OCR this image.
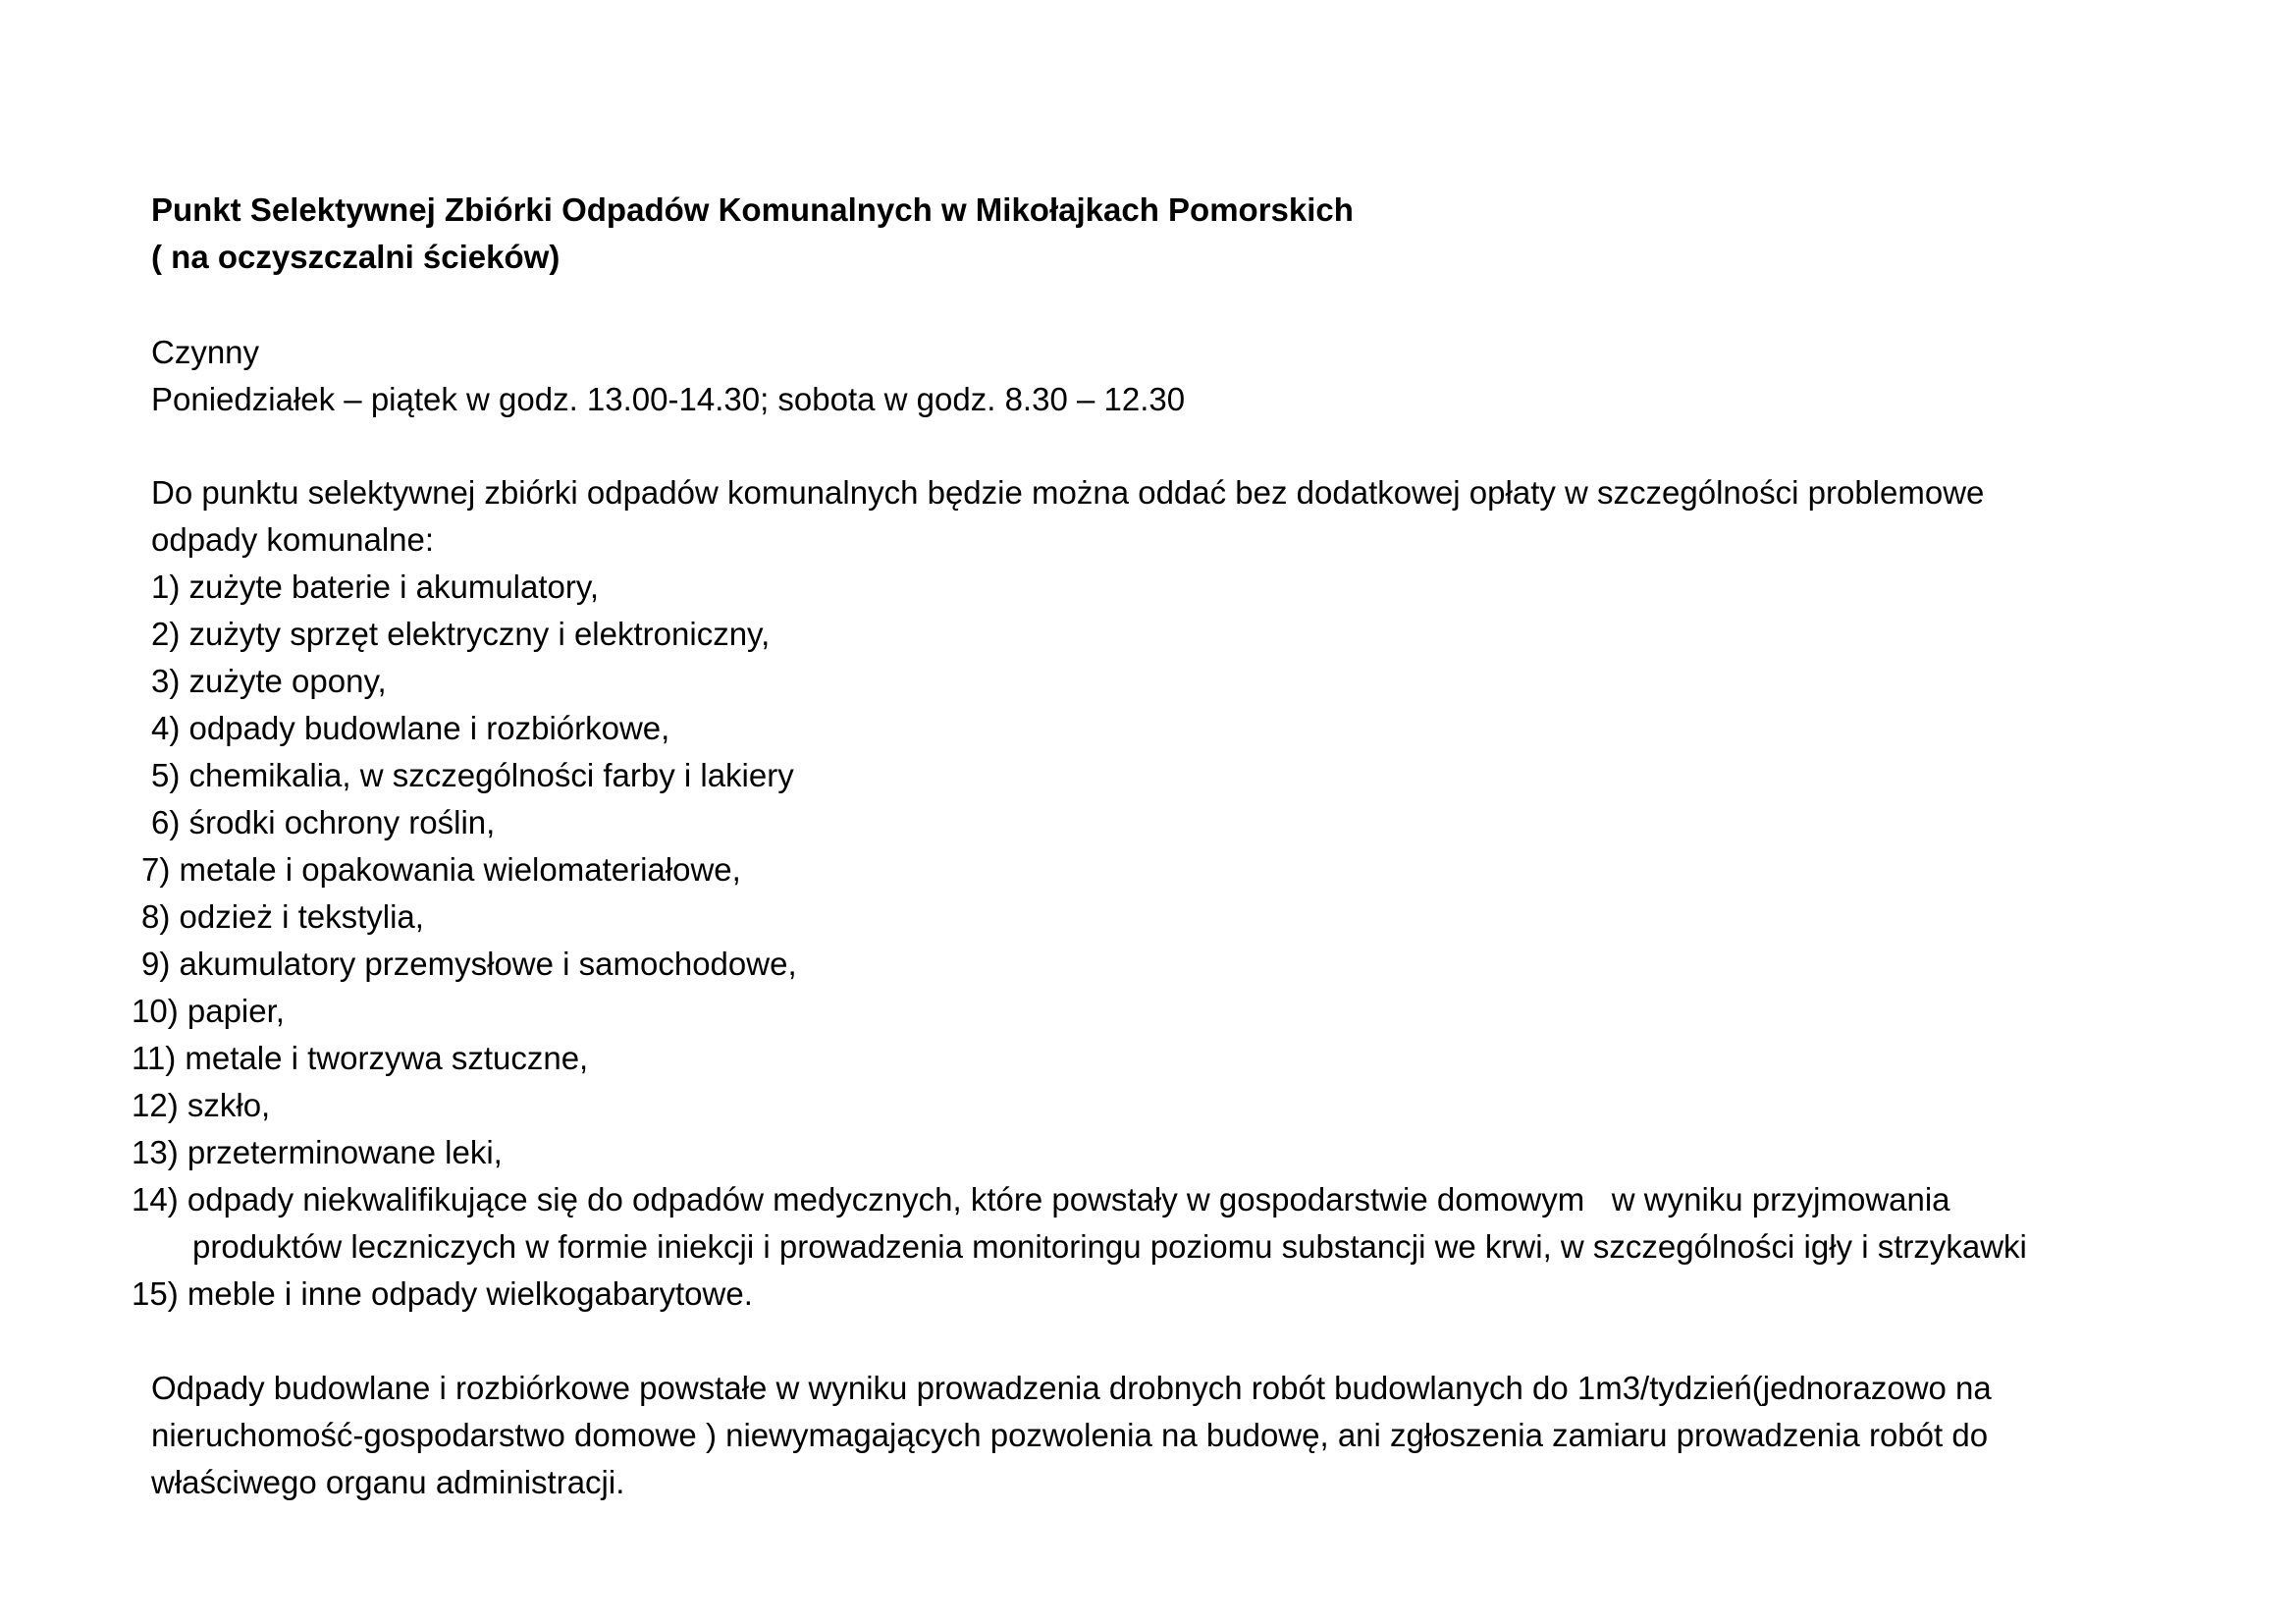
Punkt Selektywnej Zbiórki Odpadów Komunalnych w Mikołajkach Pomorskich
( na oczyszczalni ścieków)
Czynny
Poniedziałek – piątek w godz. 13.00-14.30; sobota w godz. 8.30 – 12.30
Do punktu selektywnej zbiórki odpadów komunalnych będzie można oddać bez dodatkowej opłaty w szczególności problemowe
odpady komunalne:
1) zużyte baterie i akumulatory,
2) zużyty sprzęt elektryczny i elektroniczny,
3) zużyte opony,
4) odpady budowlane i rozbiórkowe,
5) chemikalia, w szczególności farby i lakiery
6) środki ochrony roślin,
7) metale i opakowania wielomateriałowe,
8) odzież i tekstylia,
9) akumulatory przemysłowe i samochodowe,
10) papier,
11) metale i tworzywa sztuczne,
12) szkło,
13) przeterminowane leki,
14) odpady niekwalifikujące się do odpadów medycznych, które powstały w gospodarstwie domowym   w wyniku przyjmowania
produktów leczniczych w formie iniekcji i prowadzenia monitoringu poziomu substancji we krwi, w szczególności igły i strzykawki
15) meble i inne odpady wielkogabarytowe.
Odpady budowlane i rozbiórkowe powstałe w wyniku prowadzenia drobnych robót budowlanych do 1m3/tydzień(jednorazowo na
nieruchomość-gospodarstwo domowe ) niewymagających pozwolenia na budowę, ani zgłoszenia zamiaru prowadzenia robót do
właściwego organu administracji.
